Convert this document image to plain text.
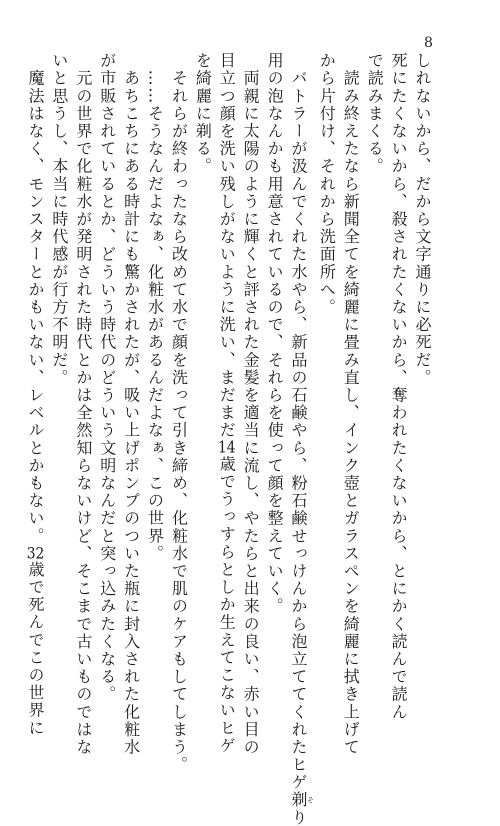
8
しれないから、だから文字通りに必死だ。
死にたくないから、殺されたくないから、奪われたくないから、とにかく読んで読ん
で読みまくる。
　読み終えたなら新聞全てを綺麗に畳み直し、インク壺とガラスペンを綺麗に拭き上げて
から片付け、それから洗面所へ。
　バトラーが汲んでくれた水やら、新品の石鹸やら、粉石鹸せっけんから泡立ててくれたヒゲ剃そり
用の泡なんかも用意されているので、それらを使って顔を整えていく。
　両親に太陽のように輝くと評された金髪を適当に流し、やたらと出来の良い、赤い目の
目立つ顔を洗い残しがないように洗い、まだまだ14歳でうっすらとしか生えてこないヒゲ
を綺麗に剃る。
　それらが終わったなら改めて水で顔を洗って引き締め、化粧水で肌のケアもしてしまう。
　……そうなんだよなぁ、化粧水があるんだよなぁ、この世界。
　あちこちにある時計にも驚かされたが、吸い上げポンプのついた瓶に封入された化粧水
が市販されているとか、どういう時代のどういう文明なんだと突っ込みたくなる。
　元の世界で化粧水が発明された時代とかは全然知らないけど、そこまで古いものではな
いと思うし、本当に時代感が行方不明だ。
　魔法はなく、モンスターとかもいない、レベルとかもない。32歳で死んでこの世界に
